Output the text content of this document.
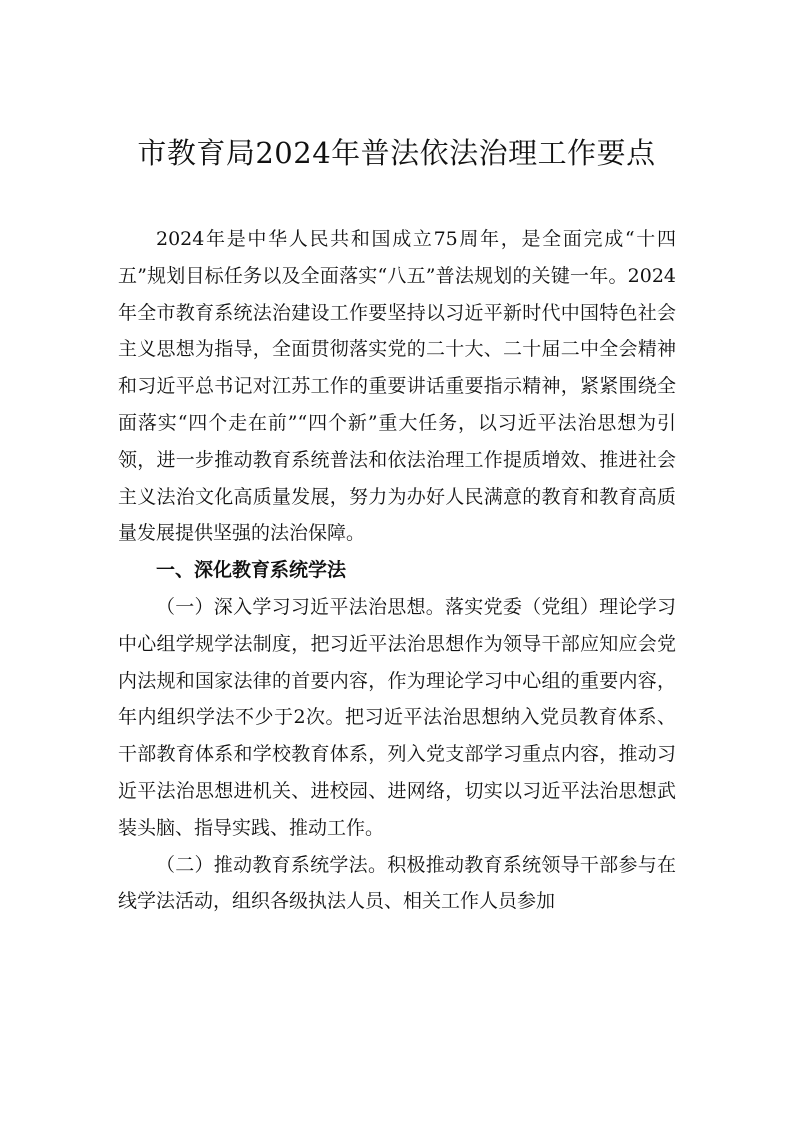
市教育局2024年普法依法治理工作要点

2024年是中华人民共和国成立75周年，是全面完成“十四五”规划目标任务以及全面落实“八五”普法规划的关键一年。2024年全市教育系统法治建设工作要坚持以习近平新时代中国特色社会主义思想为指导，全面贯彻落实党的二十大、二十届二中全会精神和习近平总书记对江苏工作的重要讲话重要指示精神，紧紧围绕全面落实“四个走在前”“四个新”重大任务，以习近平法治思想为引领，进一步推动教育系统普法和依法治理工作提质增效、推进社会主义法治文化高质量发展，努力为办好人民满意的教育和教育高质量发展提供坚强的法治保障。

一、深化教育系统学法

（一）深入学习习近平法治思想。落实党委（党组）理论学习中心组学规学法制度，把习近平法治思想作为领导干部应知应会党内法规和国家法律的首要内容，作为理论学习中心组的重要内容，年内组织学法不少于2次。把习近平法治思想纳入党员教育体系、干部教育体系和学校教育体系，列入党支部学习重点内容，推动习近平法治思想进机关、进校园、进网络，切实以习近平法治思想武装头脑、指导实践、推动工作。

（二）推动教育系统学法。积极推动教育系统领导干部参与在线学法活动，组织各级执法人员、相关工作人员参加
